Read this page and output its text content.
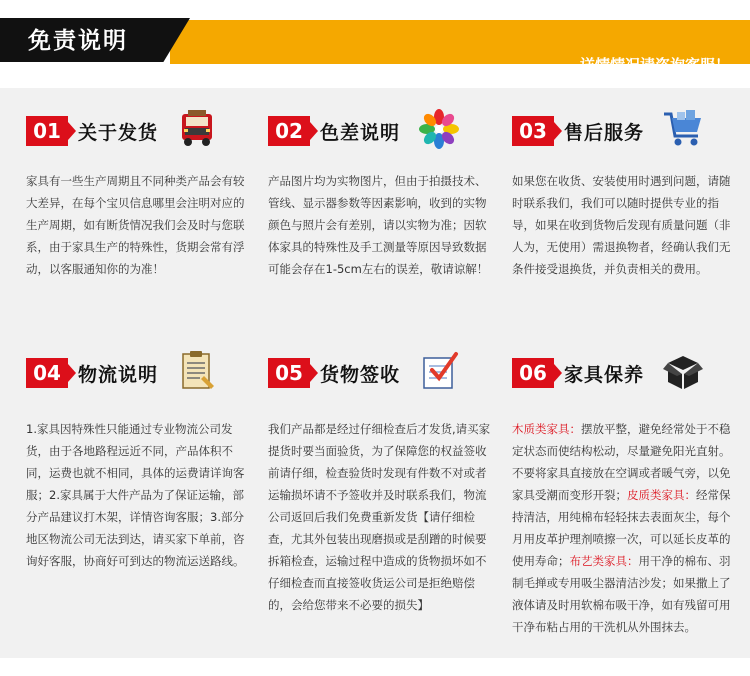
详情情况请咨询客服！
免责说明
01 关于发货
家具有一些生产周期且不同种类产品会有较大差异，在每个宝贝信息哪里会注明对应的生产周期，如有断货情况我们会及时与您联系，由于家具生产的特殊性，货期会常有浮动，以客服通知你的为准！
02 色差说明
产品图片均为实物图片，但由于拍摄技术、管线、显示器参数等因素影响，收到的实物颜色与照片会有差别，请以实物为准；因软体家具的特殊性及手工测量等原因导致数据可能会存在1-5cm左右的误差，敬请谅解！
03 售后服务
如果您在收货、安装使用时遇到问题，请随时联系我们，我们可以随时提供专业的指导，如果在收到货物后发现有质量问题（非人为，无使用）需退换物者，经确认我们无条件接受退换货，并负责相关的费用。
04 物流说明
1.家具因特殊性只能通过专业物流公司发货，由于各地路程远近不同，产品体积不同，运费也就不相同，具体的运费请详询客服；2.家具属于大件产品为了保证运输，部分产品建议打木架，详情咨询客服；3.部分地区物流公司无法到达，请买家下单前，咨询好客服，协商好可到达的物流运送路线。
05 货物签收
我们产品都是经过仔细检查后才发货,请买家提货时要当面验货，为了保障您的权益签收前请仔细，检查验货时发现有件数不对或者运输损坏请不予签收并及时联系我们，物流公司返回后我们免费重新发货【请仔细检查，尤其外包装出现磨损或是刮蹭的时候要拆箱检查，运输过程中造成的货物损坏如不仔细检查而直接签收货运公司是拒绝赔偿的，会给您带来不必要的损失】
06 家具保养
木质类家具：摆放平整，避免经常处于不稳定状态而使结构松动，尽量避免阳光直射。不要将家具直接放在空调或者暖气旁，以免家具受潮而变形开裂；皮质类家具：经常保持清洁，用纯棉布轻轻抹去表面灰尘，每个月用皮革护理剂喷擦一次，可以延长皮革的使用寿命；布艺类家具：用干净的棉布、羽制毛掸或专用吸尘器清洁沙发；如果撒上了液体请及时用软棉布吸干净，如有残留可用干净布粘占用的干洗机从外围抹去。
